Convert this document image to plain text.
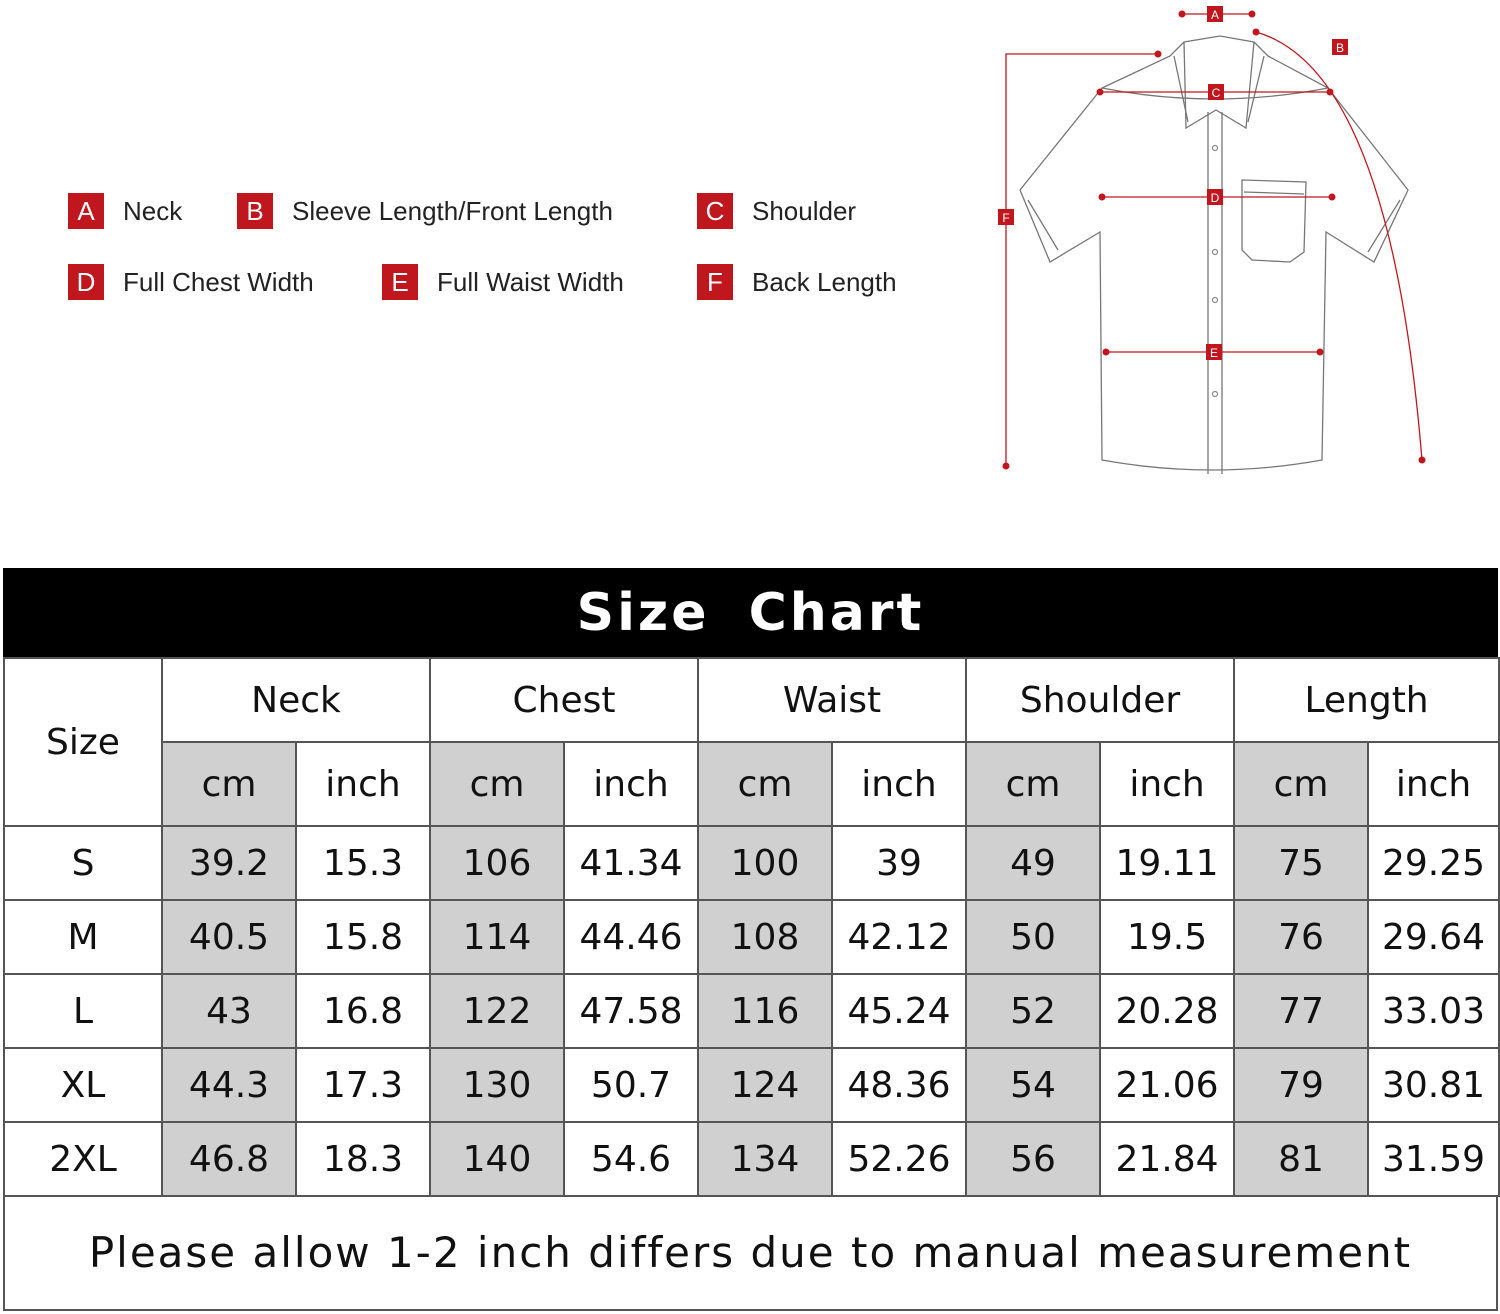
A	Neck	B	Sleeve Length/Front Length	C	Shoulder
D	Full Chest Width	E	Full Waist Width	F	Back Length
A
B
C
D
E
F
Size Chart
Size	Neck		Chest		Waist		Shoulder		Length	
	cm	inch	cm	inch	cm	inch	cm	inch	cm	inch
S	39.2	15.3	106	41.34	100	39	49	19.11	75	29.25
M	40.5	15.8	114	44.46	108	42.12	50	19.5	76	29.64
L	43	16.8	122	47.58	116	45.24	52	20.28	77	33.03
XL	44.3	17.3	130	50.7	124	48.36	54	21.06	79	30.81
2XL	46.8	18.3	140	54.6	134	52.26	56	21.84	81	31.59
Please allow 1-2 inch differs due to manual measurement
